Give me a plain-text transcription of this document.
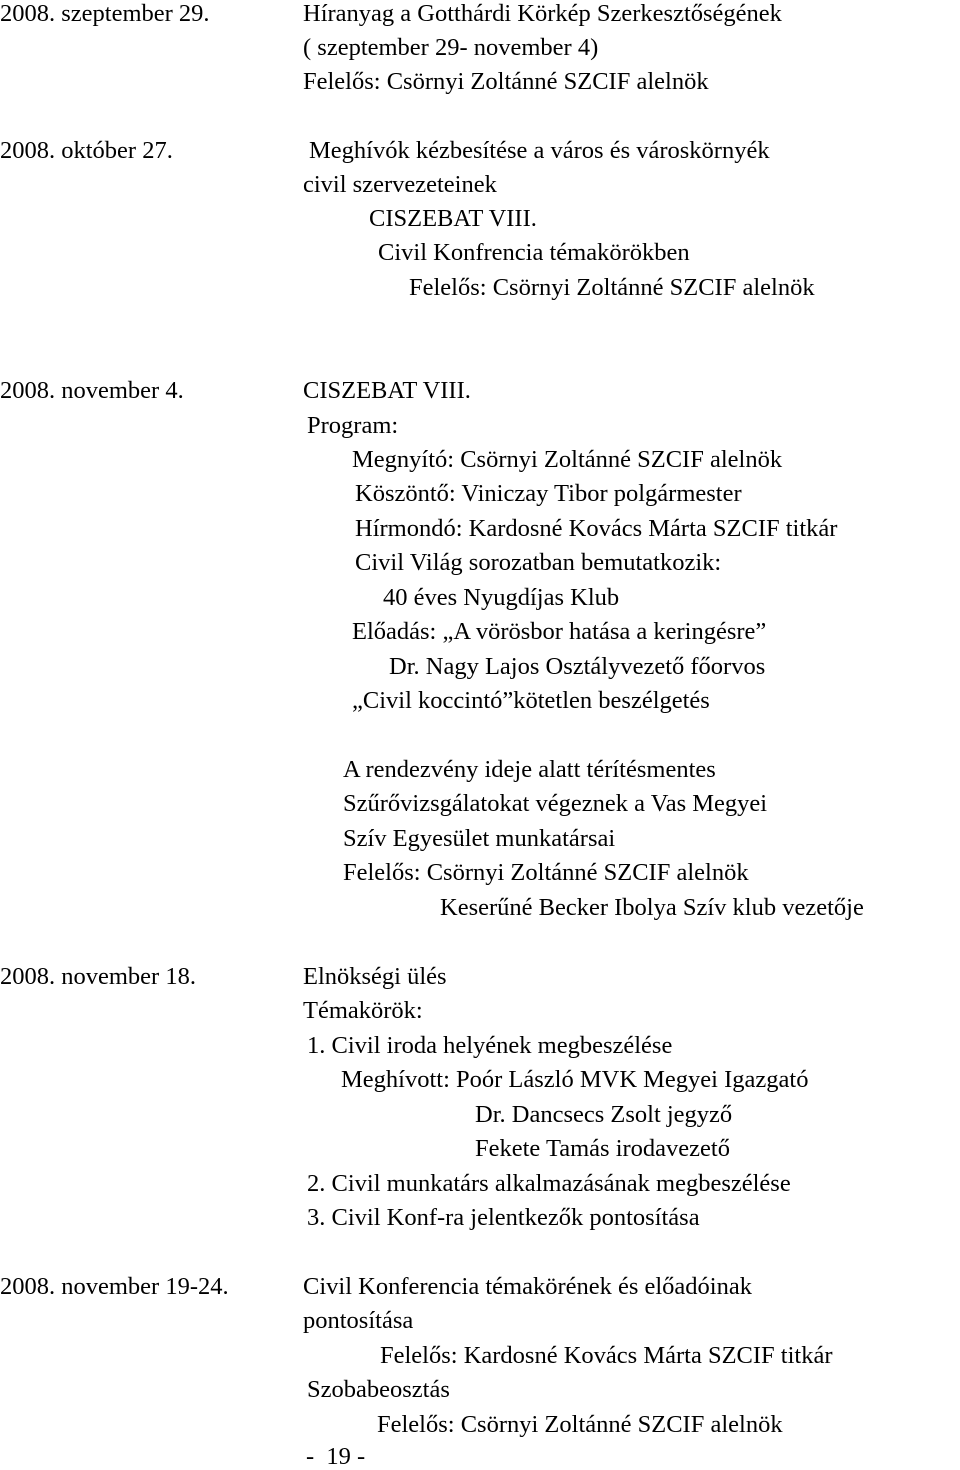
2008. szeptember 29.	Híranyag a Gotthárdi Körkép Szerkesztőségének
( szeptember 29- november 4)
Felelős: Csörnyi Zoltánné SZCIF alelnök
2008. október 27.	Meghívók kézbesítése a város és városkörnyék
civil szervezeteinek
CISZEBAT VIII.
Civil Konfrencia témakörökben
Felelős: Csörnyi Zoltánné SZCIF alelnök
2008. november 4.	CISZEBAT VIII.
Program:
Megnyító: Csörnyi Zoltánné SZCIF alelnök
Köszöntő: Viniczay Tibor polgármester
Hírmondó: Kardosné Kovács Márta SZCIF titkár
Civil Világ sorozatban bemutatkozik:
40 éves Nyugdíjas Klub
Előadás: „A vörösbor hatása a keringésre”
Dr. Nagy Lajos Osztályvezető főorvos
„Civil koccintó”kötetlen beszélgetés
A rendezvény ideje alatt térítésmentes
Szűrővizsgálatokat végeznek a Vas Megyei
Szív Egyesület munkatársai
Felelős: Csörnyi Zoltánné SZCIF alelnök
Keserűné Becker Ibolya Szív klub vezetője
2008. november 18.	Elnökségi ülés
Témakörök:
1. Civil iroda helyének megbeszélése
Meghívott: Poór László MVK Megyei Igazgató
Dr. Dancsecs Zsolt jegyző
Fekete Tamás irodavezető
2. Civil munkatárs alkalmazásának megbeszélése
3. Civil Konf-ra jelentkezők pontosítása
2008. november 19-24.	Civil Konferencia témakörének és előadóinak
pontosítása
Felelős: Kardosné Kovács Márta SZCIF titkár
Szobabeosztás
Felelős: Csörnyi Zoltánné SZCIF alelnök
-  19 -
